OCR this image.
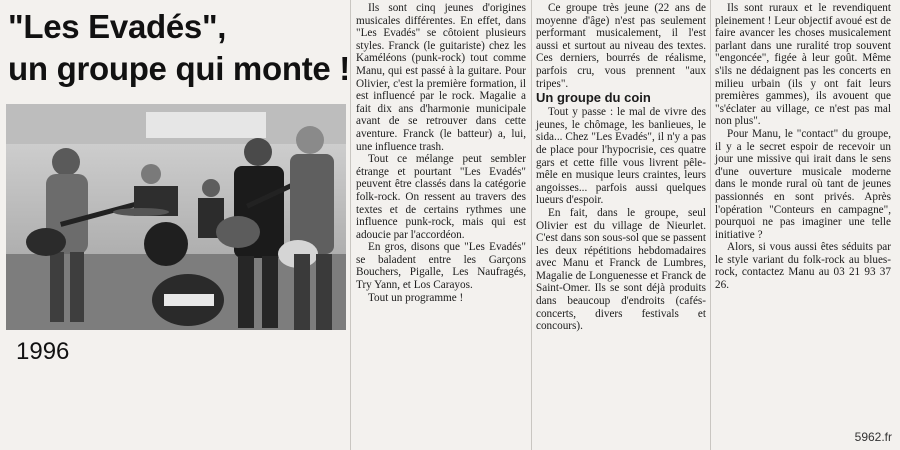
"Les Evadés",
un groupe qui monte !
1996

Ils sont cinq jeunes d'origines musicales différentes. En effet, dans "Les Evadés" se côtoient plusieurs styles. Franck (le guitariste) chez les Kaméléons (punk-rock) tout comme Manu, qui est passé à la guitare. Pour Olivier, c'est la première formation, il est influencé par le rock. Magalie a fait dix ans d'harmonie municipale avant de se retrouver dans cette aventure. Franck (le batteur) a, lui, une influence trash.

Tout ce mélange peut sembler étrange et pourtant "Les Evadés" peuvent être classés dans la catégorie folk-rock. On ressent au travers des textes et de certains rythmes une influence punk-rock, mais qui est adoucie par l'accordéon.

En gros, disons que "Les Evadés" se baladent entre les Garçons Bouchers, Pigalle, Les Naufragés, Try Yann, et Los Carayos.

Tout un programme !

Ce groupe très jeune (22 ans de moyenne d'âge) n'est pas seulement performant musicalement, il l'est aussi et surtout au niveau des textes. Ces derniers, bourrés de réalisme, parfois cru, vous prennent "aux tripes".

Un groupe du coin

Tout y passe : le mal de vivre des jeunes, le chômage, les banlieues, le sida... Chez "Les Evadés", il n'y a pas de place pour l'hypocrisie, ces quatre gars et cette fille vous livrent pêle-mêle en musique leurs craintes, leurs angoisses... parfois aussi quelques lueurs d'espoir.

En fait, dans le groupe, seul Olivier est du village de Nieurlet. C'est dans son sous-sol que se passent les deux répétitions hebdomadaires avec Manu et Franck de Lumbres, Magalie de Longuenesse et Franck de Saint-Omer. Ils se sont déjà produits dans beaucoup d'endroits (cafés-concerts, divers festivals et concours).

Ils sont ruraux et le revendiquent pleinement ! Leur objectif avoué est de faire avancer les choses musicalement parlant dans une ruralité trop souvent "engoncée", figée à leur goût. Même s'ils ne dédaignent pas les concerts en milieu urbain (ils y ont fait leurs premières gammes), ils avouent que "s'éclater au village, ce n'est pas mal non plus".

Pour Manu, le "contact" du groupe, il y a le secret espoir de recevoir un jour une missive qui irait dans le sens d'une ouverture musicale moderne dans le monde rural où tant de jeunes passionnés en sont privés. Après l'opération "Conteurs en campagne", pourquoi ne pas imaginer une telle initiative ?

Alors, si vous aussi êtes séduits par le style variant du folk-rock au blues-rock, contactez Manu au 03 21 93 37 26.

5962.fr
